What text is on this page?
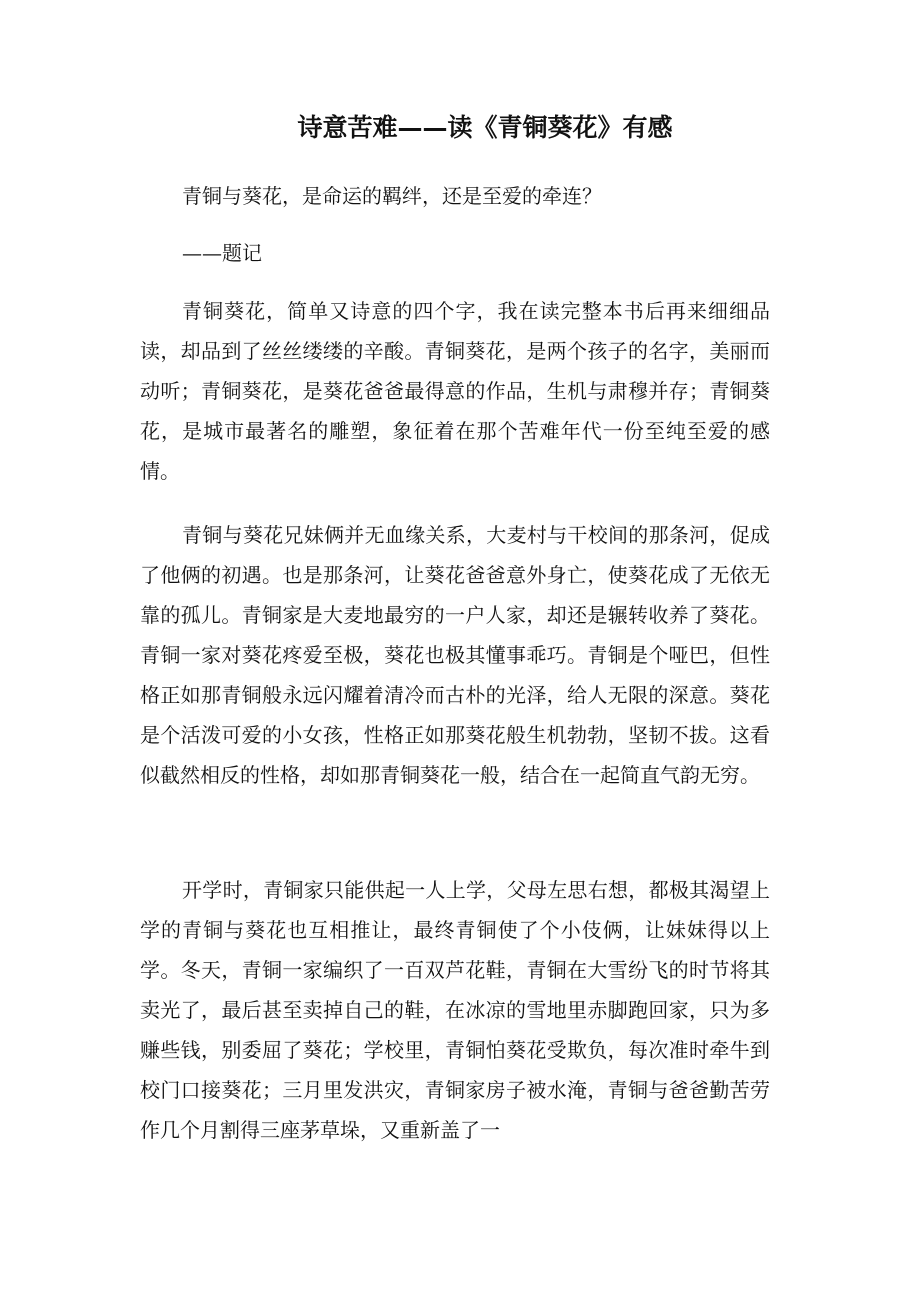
诗意苦难——读《青铜葵花》有感

青铜与葵花，是命运的羁绊，还是至爱的牵连？

——题记

青铜葵花，简单又诗意的四个字，我在读完整本书后再来细细品读，却品到了丝丝缕缕的辛酸。青铜葵花，是两个孩子的名字，美丽而动听；青铜葵花，是葵花爸爸最得意的作品，生机与肃穆并存；青铜葵花，是城市最著名的雕塑，象征着在那个苦难年代一份至纯至爱的感情。

青铜与葵花兄妹俩并无血缘关系，大麦村与干校间的那条河，促成了他俩的初遇。也是那条河，让葵花爸爸意外身亡，使葵花成了无依无靠的孤儿。青铜家是大麦地最穷的一户人家，却还是辗转收养了葵花。青铜一家对葵花疼爱至极，葵花也极其懂事乖巧。青铜是个哑巴，但性格正如那青铜般永远闪耀着清冷而古朴的光泽，给人无限的深意。葵花是个活泼可爱的小女孩，性格正如那葵花般生机勃勃，坚韧不拔。这看似截然相反的性格，却如那青铜葵花一般，结合在一起简直气韵无穷。

开学时，青铜家只能供起一人上学，父母左思右想，都极其渴望上学的青铜与葵花也互相推让，最终青铜使了个小伎俩，让妹妹得以上学。冬天，青铜一家编织了一百双芦花鞋，青铜在大雪纷飞的时节将其卖光了，最后甚至卖掉自己的鞋，在冰凉的雪地里赤脚跑回家，只为多赚些钱，别委屈了葵花；学校里，青铜怕葵花受欺负，每次准时牵牛到校门口接葵花；三月里发洪灾，青铜家房子被水淹，青铜与爸爸勤苦劳作几个月割得三座茅草垛，又重新盖了一
